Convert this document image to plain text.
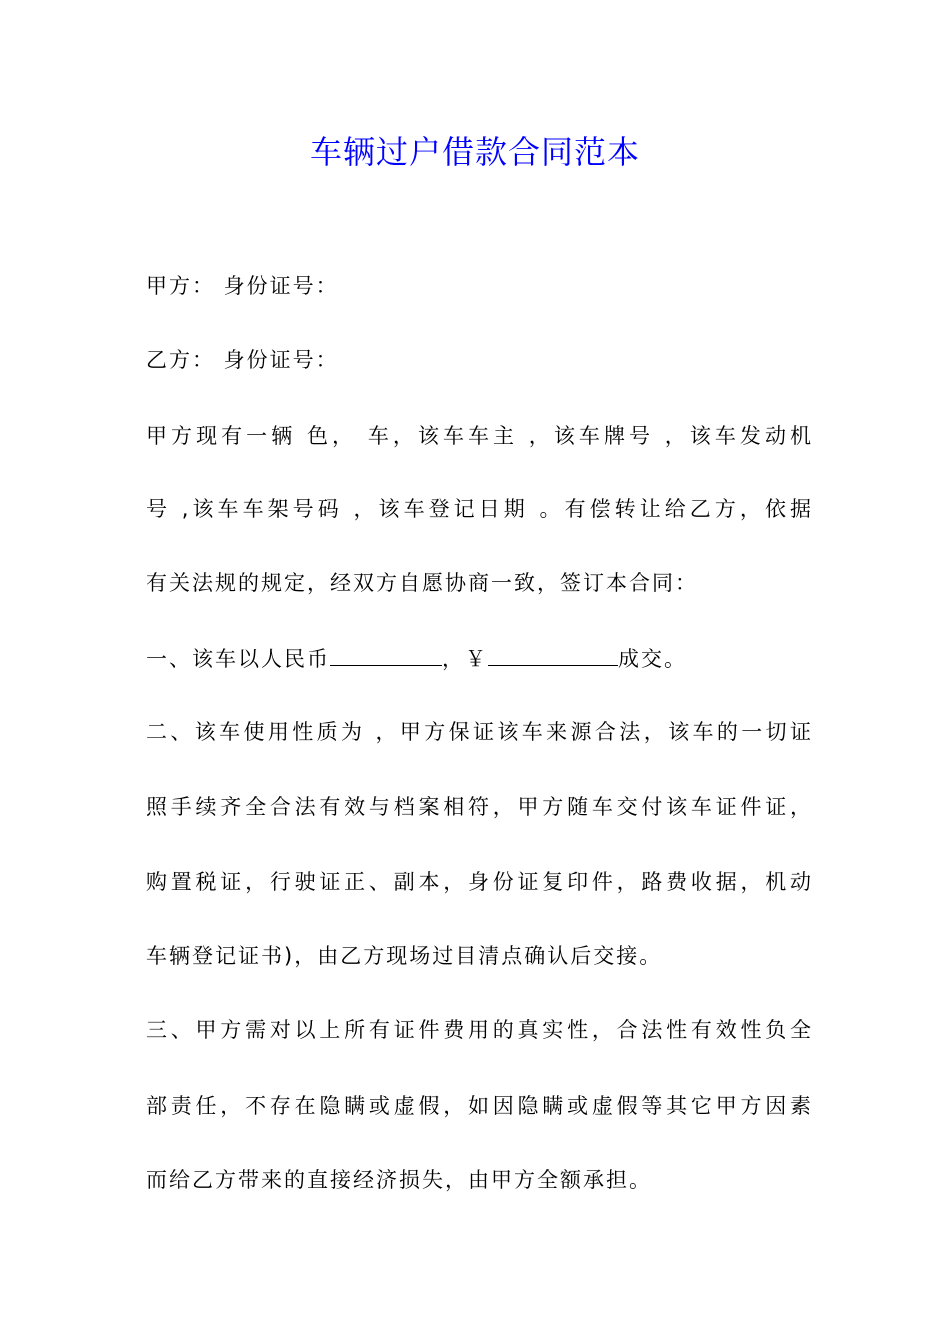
车辆过户借款合同范本
甲方： 身份证号：
乙方： 身份证号：
甲方现有一辆 色， 车，该车车主 ，该车牌号 ，该车发动机
号 ,该车车架号码 ，该车登记日期 。有偿转让给乙方，依据
有关法规的规定，经双方自愿协商一致，签订本合同：
一、该车以人民币	，￥	成交。
二、该车使用性质为 ，甲方保证该车来源合法，该车的一切证
照手续齐全合法有效与档案相符，甲方随车交付该车证件证，
购置税证，行驶证正、副本，身份证复印件，路费收据，机动
车辆登记证书)，由乙方现场过目清点确认后交接。
三、甲方需对以上所有证件费用的真实性，合法性有效性负全
部责任，不存在隐瞒或虚假，如因隐瞒或虚假等其它甲方因素
而给乙方带来的直接经济损失，由甲方全额承担。
